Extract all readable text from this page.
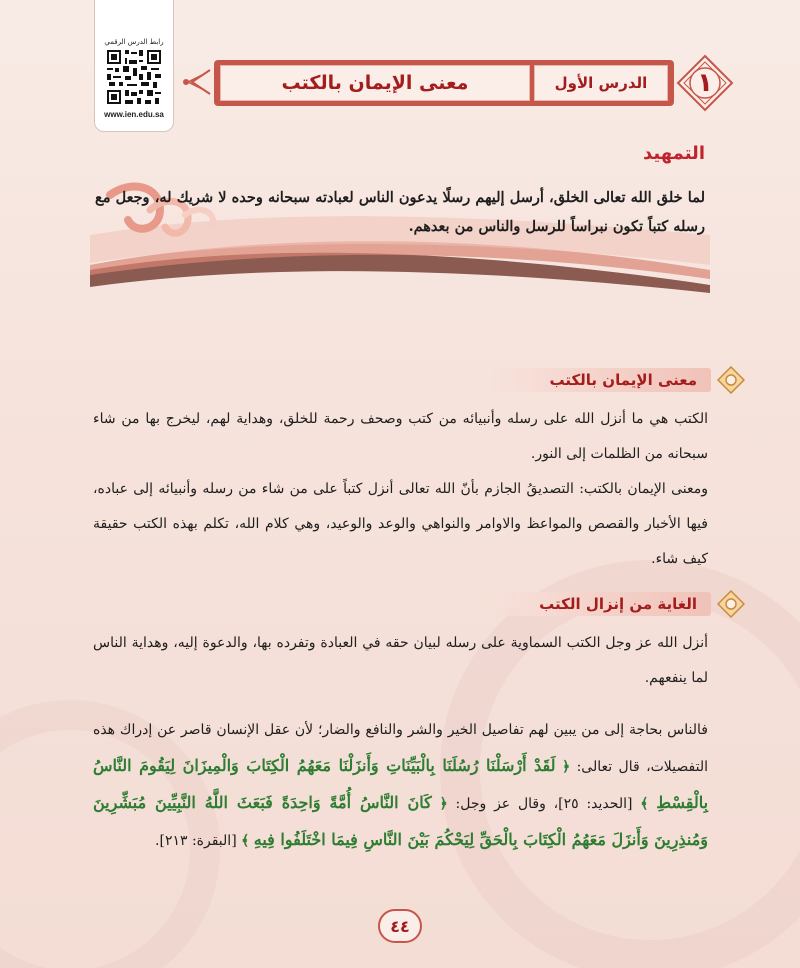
رابط الدرس الرقمي
www.ien.edu.sa
معنى الإيمان بالكتب	الدرس الأول	١
التمهيد
لما خلق الله تعالى الخلق، أرسل إليهم رسلًا يدعون الناس لعبادته سبحانه وحده لا شريك له، وجعل مع رسله كتباً تكون نبراساً للرسل والناس من بعدهم.
معنى الإيمان بالكتب
الكتب هي ما أنزل الله على رسله وأنبيائه من كتب وصحف رحمة للخلق، وهداية لهم، ليخرج بها من شاء سبحانه من الظلمات إلى النور.
ومعنى الإيمان بالكتب: التصديقُ الجازم بأنّ الله تعالى أنزل كتباً على من شاء من رسله وأنبيائه إلى عباده، فيها الأخبار والقصص والمواعظ والاوامر والنواهي والوعد والوعيد، وهي كلام الله، تكلم بهذه الكتب حقيقة كيف شاء.
الغاية من إنزال الكتب
أنزل الله عز وجل الكتب السماوية على رسله لبيان حقه في العبادة وتفرده بها، والدعوة إليه، وهداية الناس لما ينفعهم.
فالناس بحاجة إلى من يبين لهم تفاصيل الخير والشر والنافع والضار؛ لأن عقل الإنسان قاصر عن إدراك هذه التفصيلات، قال تعالى: ﴿ لَقَدْ أَرْسَلْنَا رُسُلَنَا بِالْبَيِّنَاتِ وَأَنزَلْنَا مَعَهُمُ الْكِتَابَ وَالْمِيزَانَ لِيَقُومَ النَّاسُ بِالْقِسْطِ ﴾ [الحديد: ٢٥]، وقال عز وجل: ﴿ كَانَ النَّاسُ أُمَّةً وَاحِدَةً فَبَعَثَ اللَّهُ النَّبِيِّينَ مُبَشِّرِينَ وَمُنذِرِينَ وَأَنزَلَ مَعَهُمُ الْكِتَابَ بِالْحَقِّ لِيَحْكُمَ بَيْنَ النَّاسِ فِيمَا اخْتَلَفُوا فِيهِ ﴾ [البقرة: ٢١٣].
٤٤
